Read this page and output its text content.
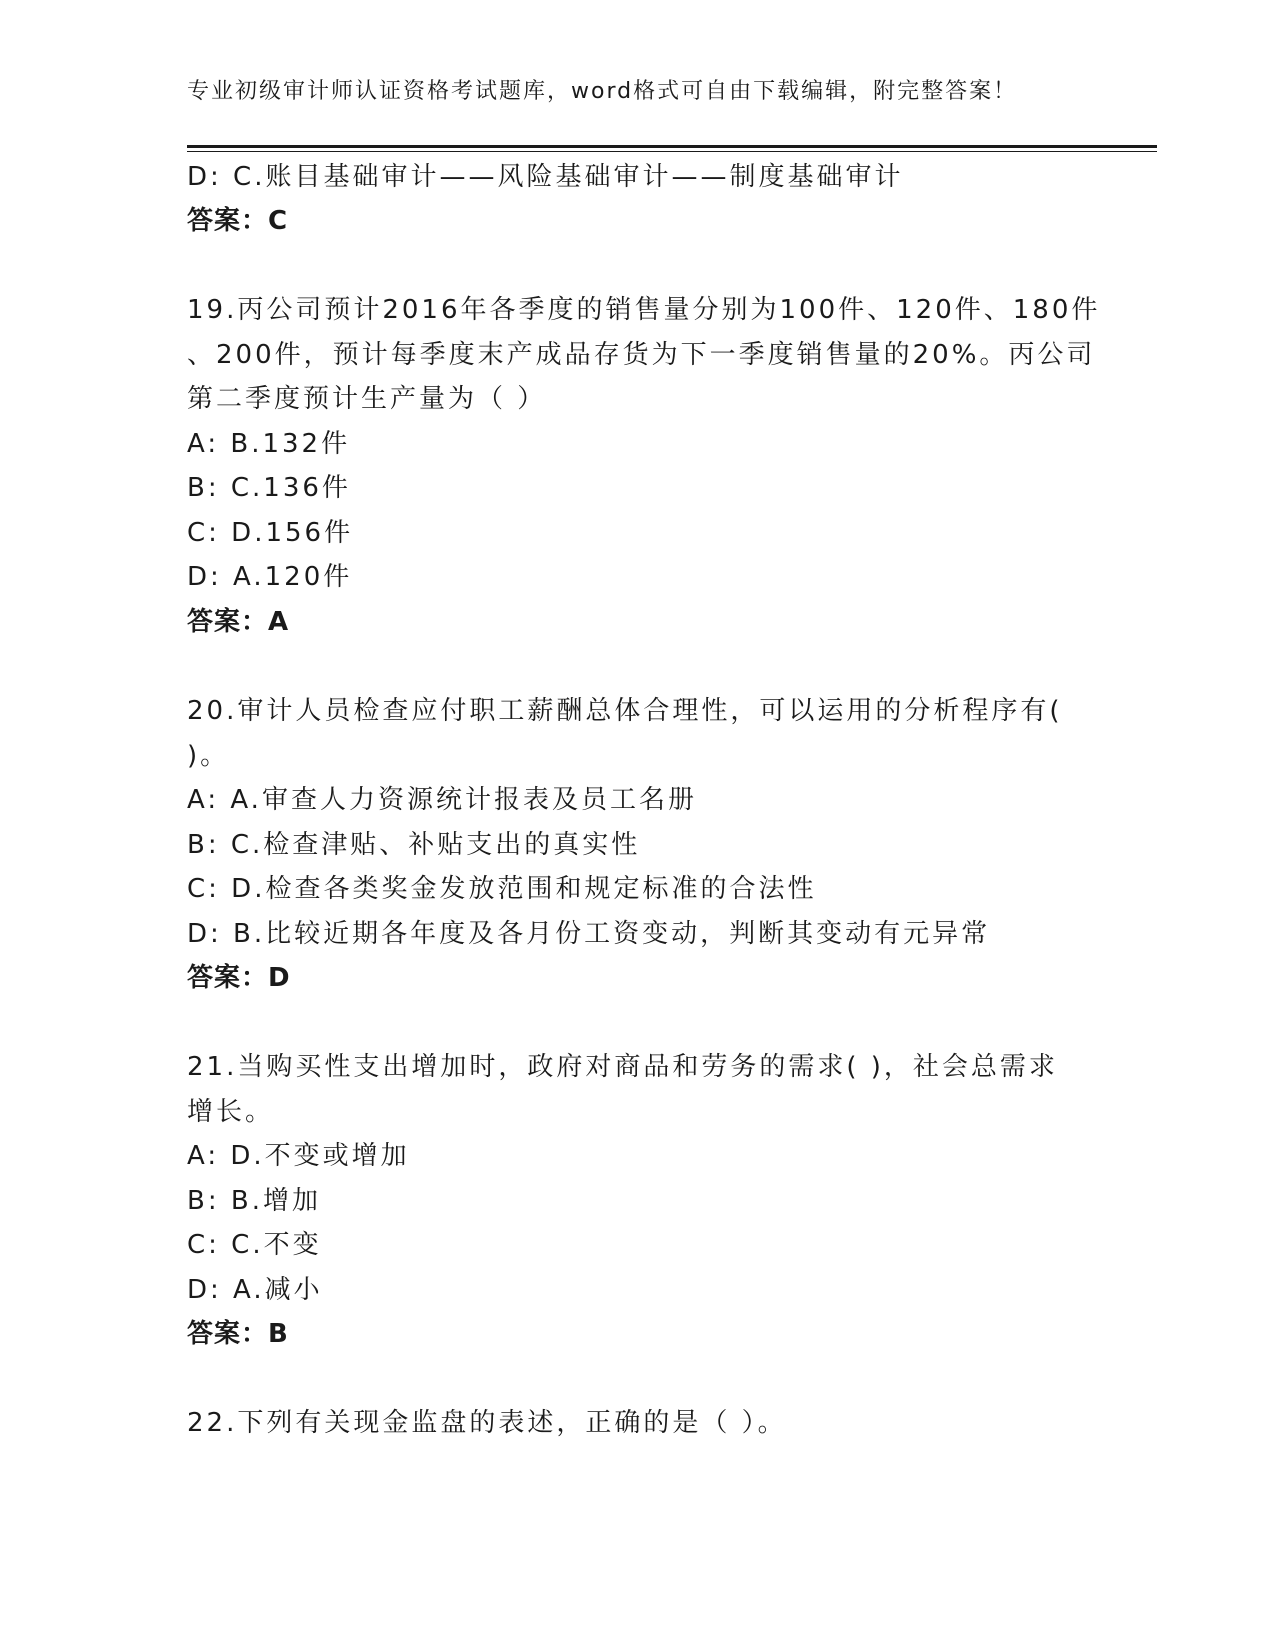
专业初级审计师认证资格考试题库，word格式可自由下载编辑，附完整答案！
D: C.账目基础审计——风险基础审计——制度基础审计
答案：C
19.丙公司预计2016年各季度的销售量分别为100件、120件、180件
、200件，预计每季度末产成品存货为下一季度销售量的20%。丙公司
第二季度预计生产量为（ ）
A: B.132件
B: C.136件
C: D.156件
D: A.120件
答案：A
20.审计人员检查应付职工薪酬总体合理性，可以运用的分析程序有(
)。
A: A.审查人力资源统计报表及员工名册
B: C.检查津贴、补贴支出的真实性
C: D.检查各类奖金发放范围和规定标准的合法性
D: B.比较近期各年度及各月份工资变动，判断其变动有元异常
答案：D
21.当购买性支出增加时，政府对商品和劳务的需求( )，社会总需求
增长。
A: D.不变或增加
B: B.增加
C: C.不变
D: A.减小
答案：B
22.下列有关现金监盘的表述，正确的是（ ）。
